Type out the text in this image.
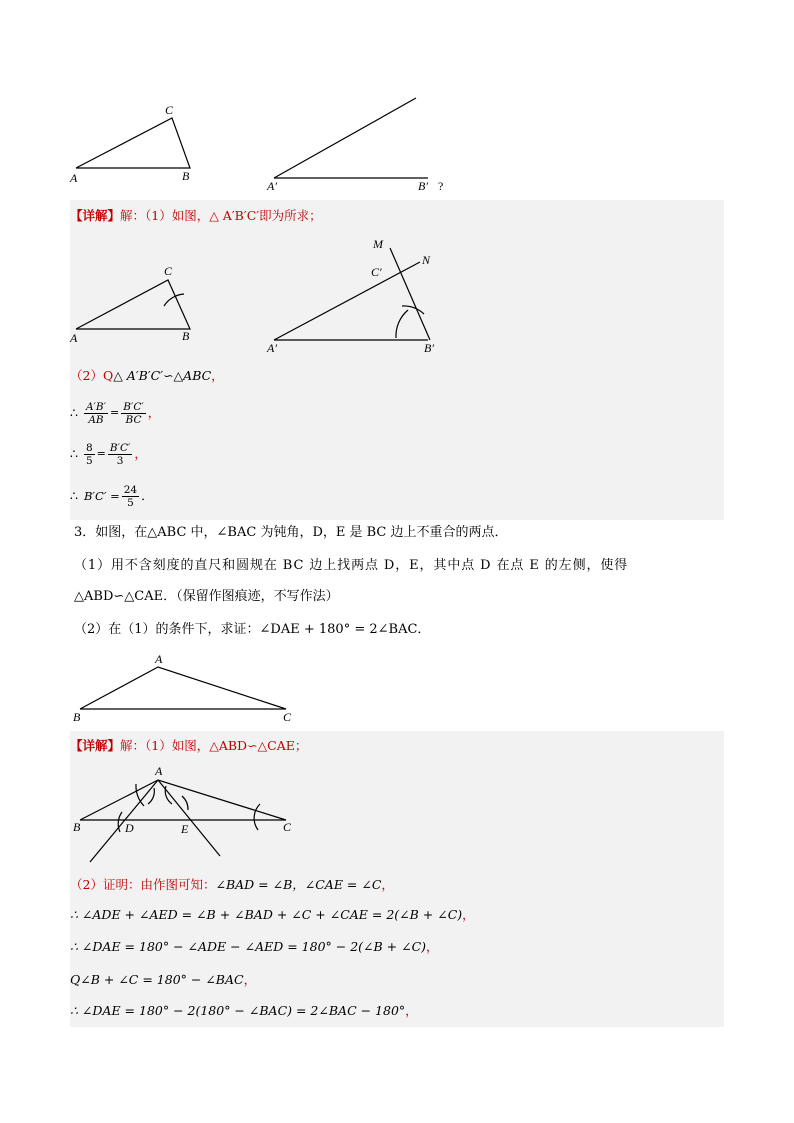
A	B
C
A′	B′ ?
【详解】解：（1）如图，△ A′B′C′即为所求；
A	B
C
A′	B′
C′
M
N
（2）Q△ A′B′C′∽△ABC，
∴ $\frac{A'B'}{AB} = \frac{B'C'}{BC}$ ，
∴ $\frac{8}{5} = \frac{B'C'}{3}$ ，
∴ $B'C' = \frac{24}{5}$ ．
3．如图，在△ABC 中，∠BAC 为钝角，D，E 是 BC 边上不重合的两点．
（1）用不含刻度的直尺和圆规在 BC 边上找两点 D，E，其中点 D 在点 E 的左侧，使得
△ABD∽△CAE．（保留作图痕迹，不写作法）
（2）在（1）的条件下，求证：∠DAE + 180° = 2∠BAC．
A
B	C
【详解】解：（1）如图，△ABD∽△CAE；
A
B	C
D	E
（2）证明：由作图可知：∠BAD = ∠B，∠CAE = ∠C，
∴ ∠ADE + ∠AED = ∠B + ∠BAD + ∠C + ∠CAE = 2(∠B + ∠C)，
∴ ∠DAE = 180° − ∠ADE − ∠AED = 180° − 2(∠B + ∠C)，
Q∠B + ∠C = 180° − ∠BAC，
∴ ∠DAE = 180° − 2(180° − ∠BAC) = 2∠BAC − 180°，
